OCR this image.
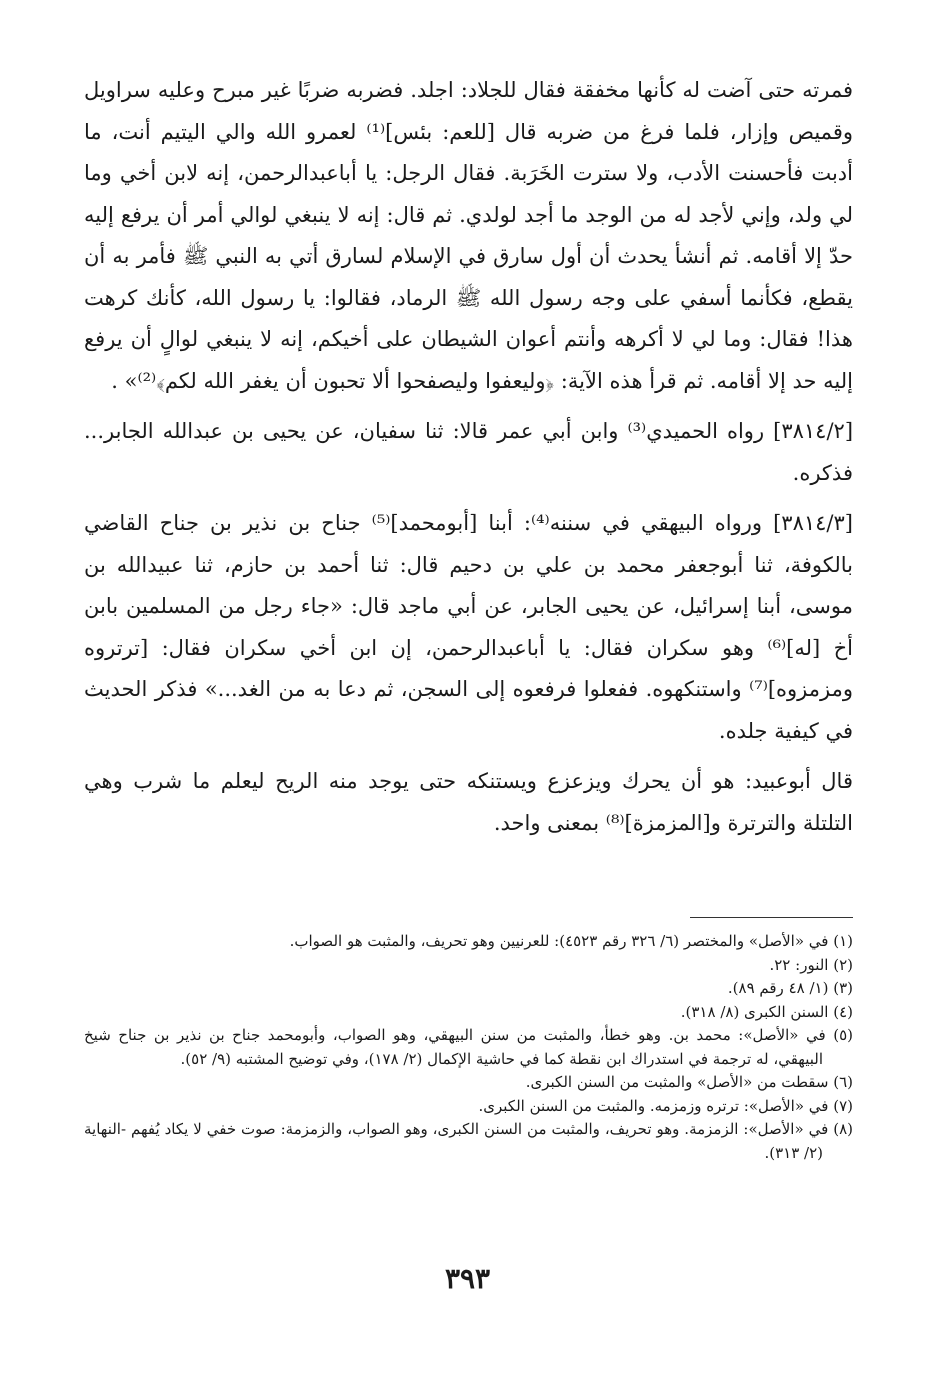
فمرته حتى آضت له كأنها مخفقة فقال للجلاد: اجلد. فضربه ضربًا غير مبرح وعليه سراويل وقميص وإزار، فلما فرغ من ضربه قال [للعم: بئس]⁽¹⁾ لعمرو الله والي اليتيم أنت، ما أدبت فأحسنت الأدب، ولا سترت الخَرَبة. فقال الرجل: يا أباعبدالرحمن، إنه لابن أخي وما لي ولد، وإني لأجد له من الوجد ما أجد لولدي. ثم قال: إنه لا ينبغي لوالي أمر أن يرفع إليه حدّ إلا أقامه. ثم أنشأ يحدث أن أول سارق في الإسلام لسارق أتي به النبي ﷺ فأمر به أن يقطع، فكأنما أسفي على وجه رسول الله ﷺ الرماد، فقالوا: يا رسول الله، كأنك كرهت هذا! فقال: وما لي لا أكرهه وأنتم أعوان الشيطان على أخيكم، إنه لا ينبغي لوالٍ أن يرفع إليه حد إلا أقامه. ثم قرأ هذه الآية: ﴿وليعفوا وليصفحوا ألا تحبون أن يغفر الله لكم﴾⁽²⁾» .

[٣٨١٤/٢] رواه الحميدي⁽³⁾ وابن أبي عمر قالا: ثنا سفيان، عن يحيى بن عبدالله الجابر... فذكره.

[٣٨١٤/٣] ورواه البيهقي في سننه⁽⁴⁾: أبنا [أبومحمد]⁽⁵⁾ جناح بن نذير بن جناح القاضي بالكوفة، ثنا أبوجعفر محمد بن علي بن دحيم قال: ثنا أحمد بن حازم، ثنا عبيدالله بن موسى، أبنا إسرائيل، عن يحيى الجابر، عن أبي ماجد قال: «جاء رجل من المسلمين بابن أخ [له]⁽⁶⁾ وهو سكران فقال: يا أباعبدالرحمن، إن ابن أخي سكران فقال: [ترتروه ومزمزوه]⁽⁷⁾ واستنكهوه. ففعلوا فرفعوه إلى السجن، ثم دعا به من الغد...» فذكر الحديث في كيفية جلده.

قال أبوعبيد: هو أن يحرك ويزعزع ويستنكه حتى يوجد منه الريح ليعلم ما شرب وهي التلتلة والترترة و[المزمزة]⁽⁸⁾ بمعنى واحد.

(١) في «الأصل» والمختصر (٦/ ٣٢٦ رقم ٤٥٢٣): للعرنيين وهو تحريف، والمثبت هو الصواب.

(٢) النور: ٢٢.

(٣) (١/ ٤٨ رقم ٨٩).

(٤) السنن الكبرى (٨/ ٣١٨).

(٥) في «الأصل»: محمد بن. وهو خطأ، والمثبت من سنن البيهقي، وهو الصواب، وأبومحمد جناح بن نذير بن جناح شيخ البيهقي، له ترجمة في استدراك ابن نقطة كما في حاشية الإكمال (٢/ ١٧٨)، وفي توضيح المشتبه (٩/ ٥٢).

(٦) سقطت من «الأصل» والمثبت من السنن الكبرى.

(٧) في «الأصل»: ترتره وزمزمه. والمثبت من السنن الكبرى.

(٨) في «الأصل»: الزمزمة. وهو تحريف، والمثبت من السنن الكبرى، وهو الصواب، والزمزمة: صوت خفي لا يكاد يُفهم -النهاية (٢/ ٣١٣).

٣٩٣
